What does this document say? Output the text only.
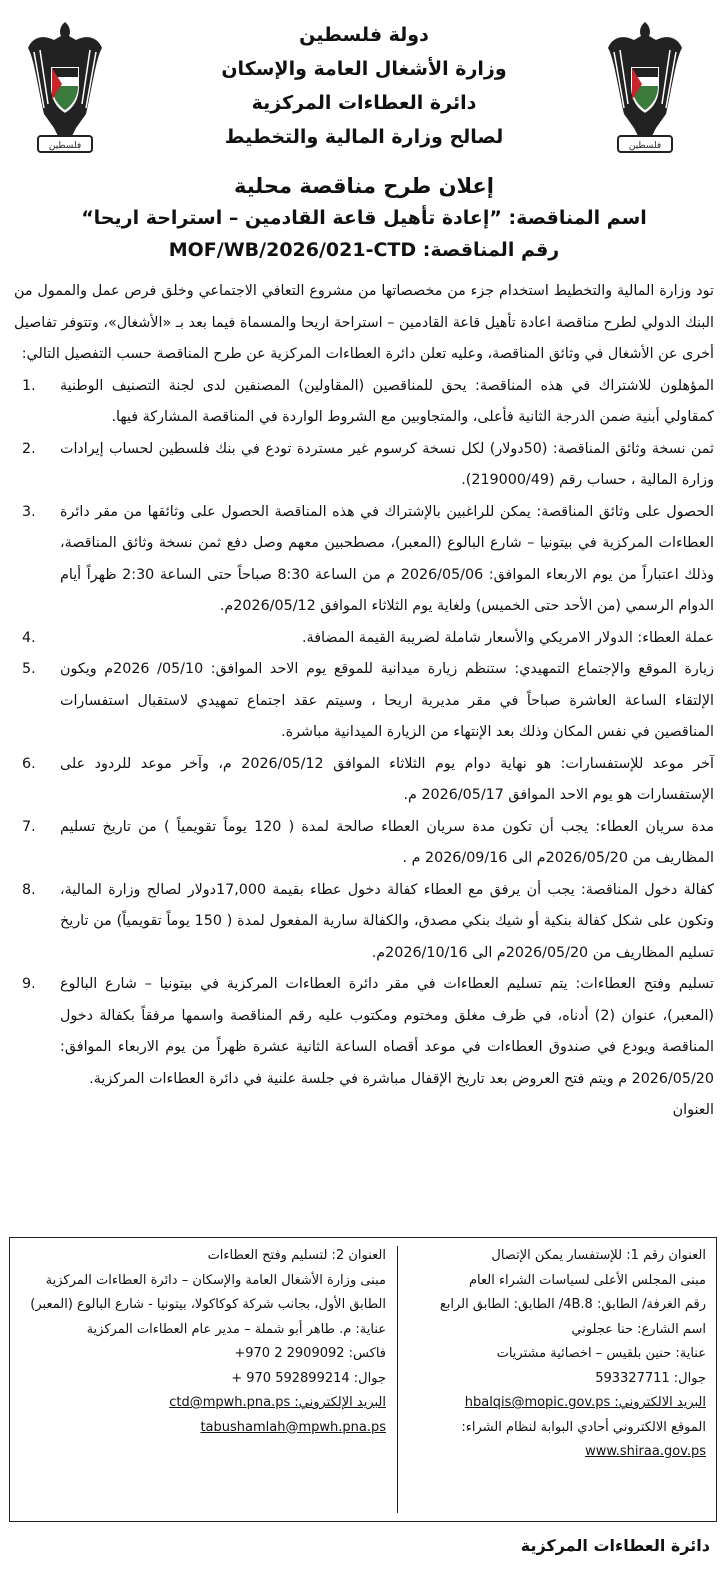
فلسطين
فلسطين
دولة فلسطين
وزارة الأشغال العامة والإسكان
دائرة العطاءات المركزية
لصالح وزارة المالية والتخطيط
إعلان طرح مناقصة محلية
اسم المناقصة: ”إعادة تأهيل قاعة القادمين – استراحة اريحا“
رقم المناقصة: MOF/WB/2026/021-CTD

تود وزارة المالية والتخطيط استخدام جزء من مخصصاتها من مشروع التعافي الاجتماعي وخلق فرص عمل والممول من البنك الدولي لطرح مناقصة اعادة تأهيل قاعة القادمين – استراحة اريحا والمسماة فيما بعد بـ «الأشغال»، وتتوفر تفاصيل أخرى عن الأشغال في وثائق المناقصة، وعليه تعلن دائرة العطاءات المركزية عن طرح المناقصة حسب التفصيل التالي:

1. المؤهلون للاشتراك في هذه المناقصة: يحق للمناقصين (المقاولين) المصنفين لدى لجنة التصنيف الوطنية كمقاولي أبنية ضمن الدرجة الثانية فأعلى، والمتجاوبين مع الشروط الواردة في المناقصة المشاركة فيها.
2. ثمن نسخة وثائق المناقصة: (50دولار) لكل نسخة كرسوم غير مستردة تودع في بنك فلسطين لحساب إيرادات وزارة المالية ، حساب رقم (219000/49).
3. الحصول على وثائق المناقصة: يمكن للراغبين بالإشتراك في هذه المناقصة الحصول على وثائقها من مقر دائرة العطاءات المركزية في بيتونيا – شارع البالوع (المعبر)، مصطحبين معهم وصل دفع ثمن نسخة وثائق المناقصة، وذلك اعتباراً من يوم الاربعاء الموافق: 2026/05/06 م من الساعة 8:30 صباحاً حتى الساعة 2:30 ظهراً أيام الدوام الرسمي (من الأحد حتى الخميس) ولغاية يوم الثلاثاء الموافق 2026/05/12م.
4.	عملة العطاء: الدولار الامريكي والأسعار شاملة لضريبة القيمة المضافة.
5. زيارة الموقع والإجتماع التمهيدي: ستنظم زيارة ميدانية للموقع يوم الاحد الموافق: 05/10/ 2026م ويكون الإلتقاء الساعة العاشرة صباحاً في مقر مديرية اريحا ، وسيتم عقد اجتماع تمهيدي لاستقبال استفسارات المناقصين في نفس المكان وذلك بعد الإنتهاء من الزيارة الميدانية مباشرة.
6. آخر موعد للإستفسارات: هو نهاية دوام يوم الثلاثاء الموافق 2026/05/12 م، وآخر موعد للردود على الإستفسارات هو يوم الاحد الموافق 2026/05/17 م.
7. مدة سريان العطاء: يجب أن تكون مدة سريان العطاء صالحة لمدة ( 120 يوماً تقويمياً ) من تاريخ تسليم المظاريف من 2026/05/20م الى 2026/09/16 م .
8. كفالة دخول المناقصة: يجب أن يرفق مع العطاء كفالة دخول عطاء بقيمة 17,000دولار لصالح وزارة المالية، وتكون على شكل كفالة بنكية أو شيك بنكي مصدق، والكفالة سارية المفعول لمدة ( 150 يوماً تقويمياً) من تاريخ تسليم المظاريف من 2026/05/20م الى 2026/10/16م.
9. تسليم وفتح العطاءات: يتم تسليم العطاءات في مقر دائرة العطاءات المركزية في بيتونيا – شارع البالوع (المعبر)، عنوان (2) أدناه، في ظرف مغلق ومختوم ومكتوب عليه رقم المناقصة واسمها مرفقاً بكفالة دخول المناقصة ويودع في صندوق العطاءات في موعد أقصاه الساعة الثانية عشرة ظهراً من يوم الاربعاء الموافق: 2026/05/20 م ويتم فتح العروض بعد تاريخ الإقفال مباشرة في جلسة علنية في دائرة العطاءات المركزية.
العنوان
العنوان رقم 1: للإستفسار يمكن الإتصال
مبنى المجلس الأعلى لسياسات الشراء العام
رقم الغرفة/ الطابق: 4B.8/ الطابق: الطابق الرابع
اسم الشارع: حنا عجلوني
عناية: حنين بلقيس – اخصائية مشتريات
جوال: 593327711
البريد الالكتروني: hbalqis@mopic.gov.ps
الموقع الالكتروني أحادي البوابة لنظام الشراء:
www.shiraa.gov.ps
العنوان 2: لتسليم وفتح العطاءات
مبنى وزارة الأشغال العامة والإسكان – دائرة العطاءات المركزية
الطابق الأول، بجانب شركة كوكاكولا، بيتونيا - شارع البالوع (المعبر)
عناية: م. طاهر أبو شملة – مدير عام العطاءات المركزية
فاكس: 2909092 2 970+
جوال: 592899214 970 +
البريد الإلكتروني: ctd@mpwh.pna.ps
tabushamlah@mpwh.pna.ps
دائرة العطاءات المركزية
